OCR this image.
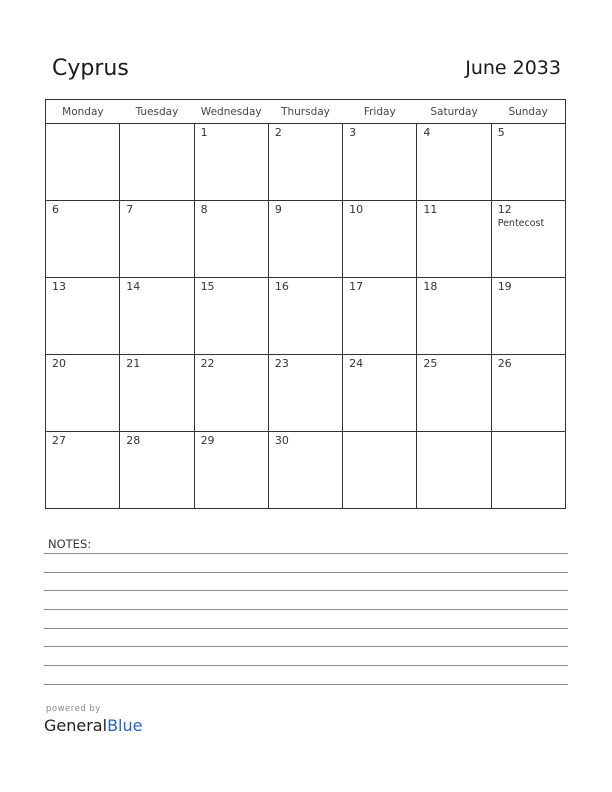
Cyprus	June 2033
Monday	Tuesday	Wednesday	Thursday	Friday	Saturday	Sunday

		1	2	3	4	5

6	7	8	9	10	11	12
Pentecost

13	14	15	16	17	18	19

20	21	22	23	24	25	26

27	28	29	30			

NOTES:
powered by
GeneralBlue
